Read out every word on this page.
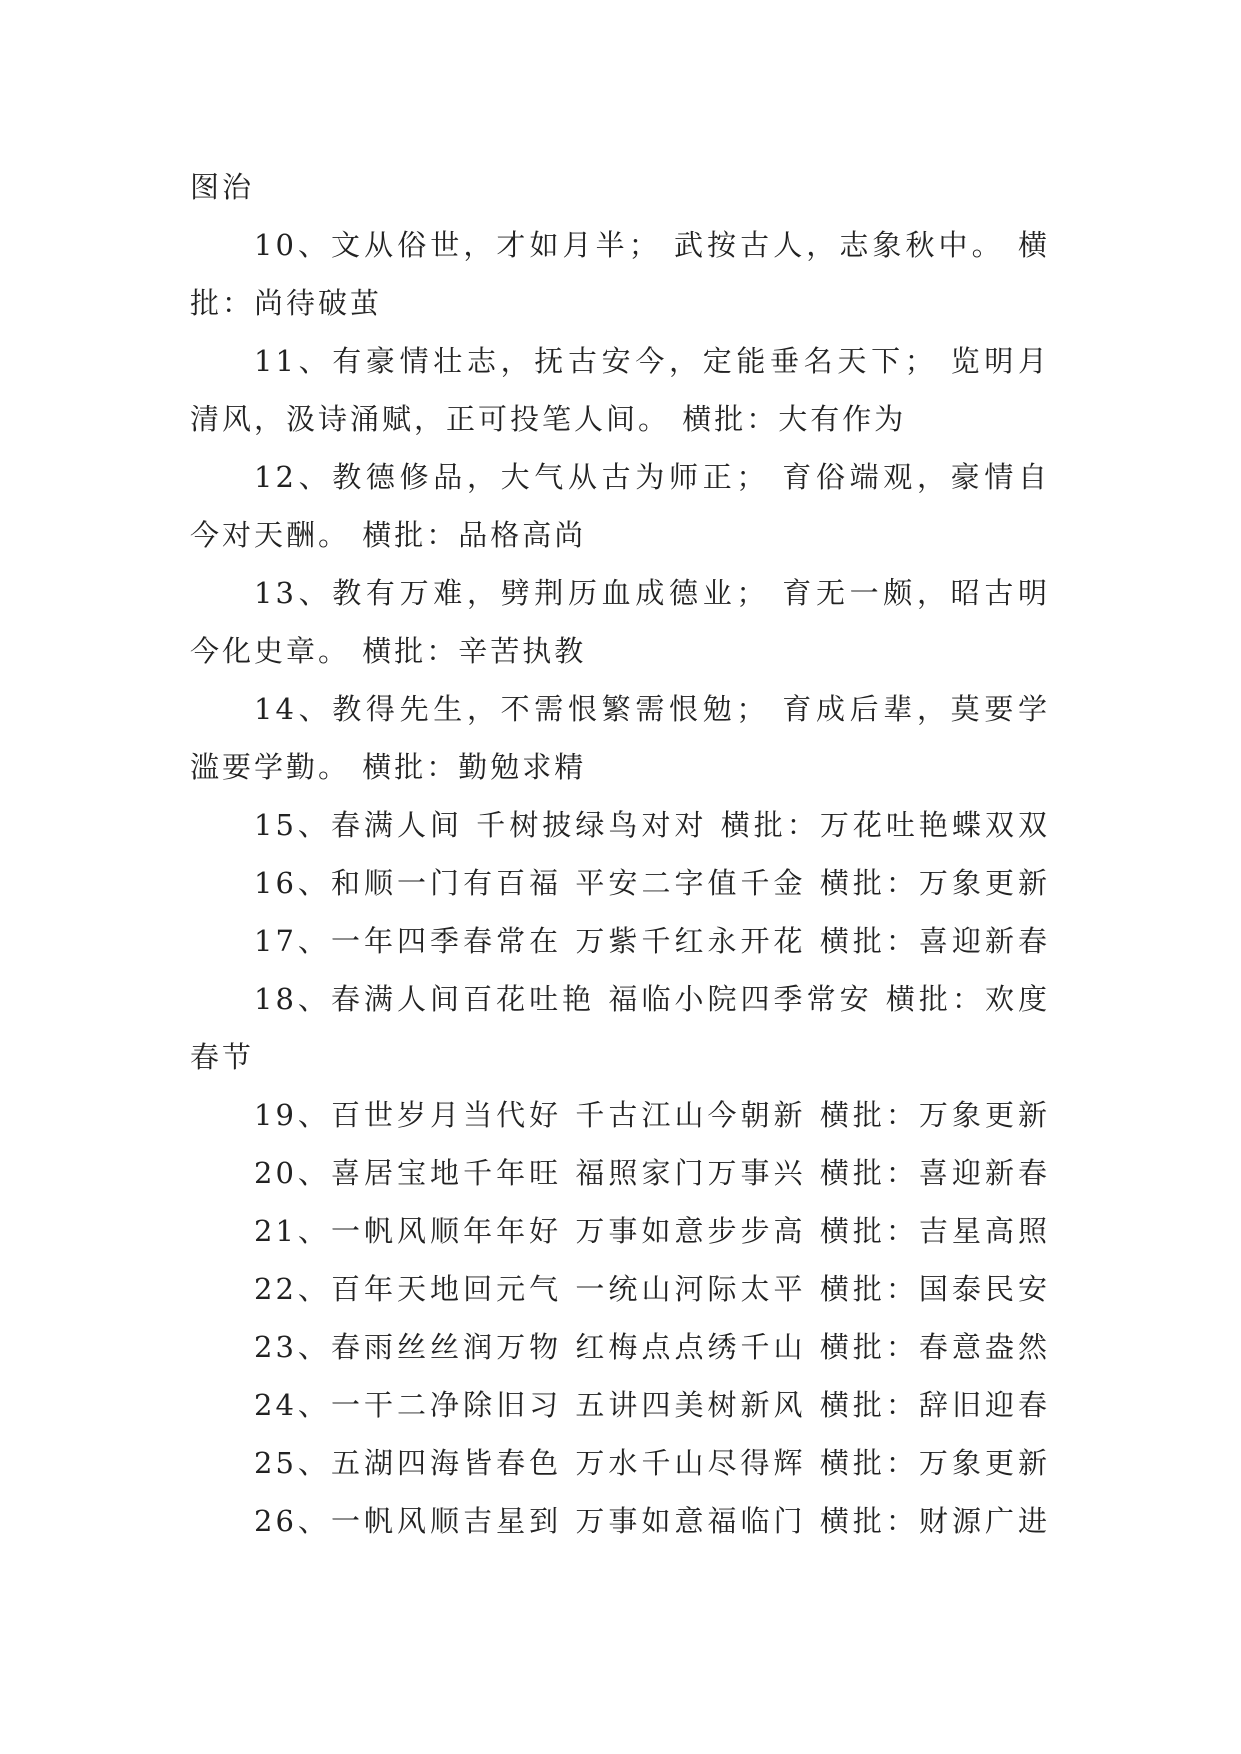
图治
10、文从俗世，才如月半； 武按古人，志象秋中。 横
批：尚待破茧
11、有豪情壮志，抚古安今，定能垂名天下； 览明月
清风，汲诗涌赋，正可投笔人间。 横批：大有作为
12、教德修品，大气从古为师正； 育俗端观，豪情自
今对天酬。 横批：品格高尚
13、教有万难，劈荆历血成德业； 育无一颇，昭古明
今化史章。 横批：辛苦执教
14、教得先生，不需恨繁需恨勉； 育成后辈，莫要学
滥要学勤。 横批：勤勉求精
15、春满人间 千树披绿鸟对对 横批：万花吐艳蝶双双
16、和顺一门有百福 平安二字值千金 横批：万象更新
17、一年四季春常在 万紫千红永开花 横批：喜迎新春
18、春满人间百花吐艳 福临小院四季常安 横批：欢度
春节
19、百世岁月当代好 千古江山今朝新 横批：万象更新
20、喜居宝地千年旺 福照家门万事兴 横批：喜迎新春
21、一帆风顺年年好 万事如意步步高 横批：吉星高照
22、百年天地回元气 一统山河际太平 横批：国泰民安
23、春雨丝丝润万物 红梅点点绣千山 横批：春意盎然
24、一干二净除旧习 五讲四美树新风 横批：辞旧迎春
25、五湖四海皆春色 万水千山尽得辉 横批：万象更新
26、一帆风顺吉星到 万事如意福临门 横批：财源广进
